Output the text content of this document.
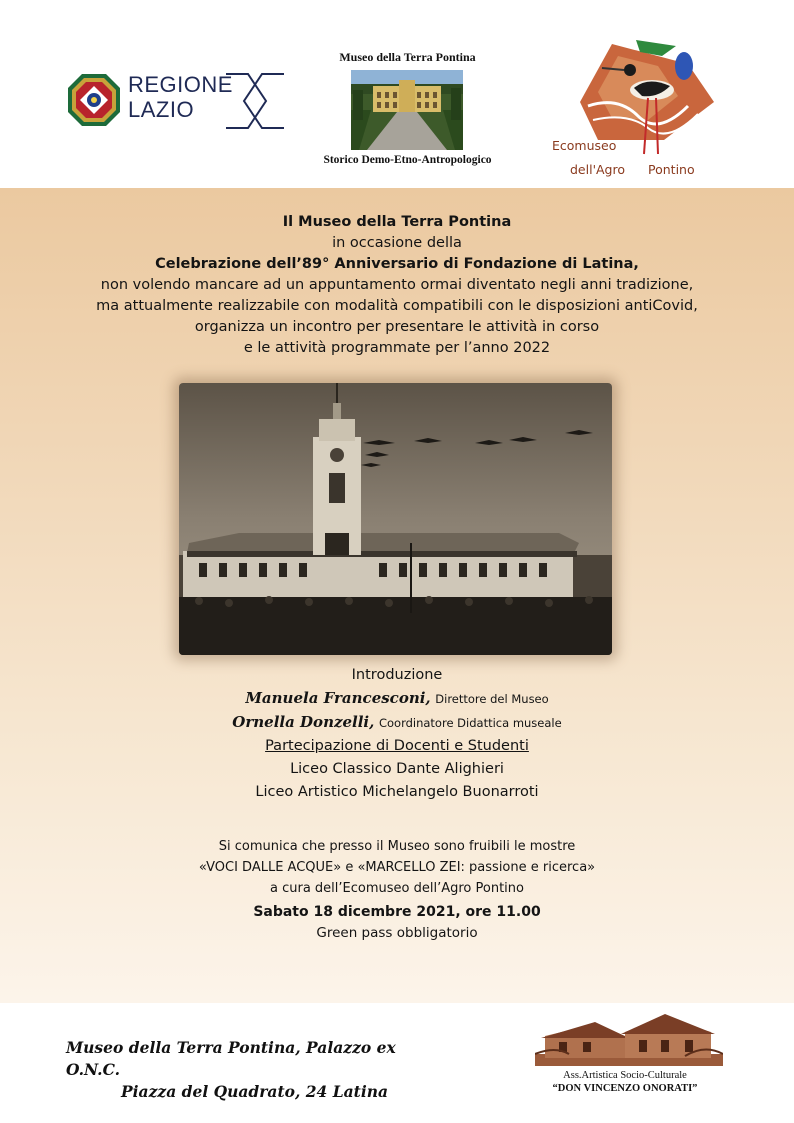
REGIONE
LAZIO
Museo della Terra Pontina
Storico Demo-Etno-Antropologico
Ecomuseo
dell'Agro Pontino
Il Museo della Terra Pontina
in occasione della
Celebrazione dell’89° Anniversario di Fondazione di Latina,
non volendo mancare ad un appuntamento ormai diventato negli anni tradizione,
ma attualmente realizzabile con modalità compatibili con le disposizioni antiCovid,
organizza un incontro per presentare le attività in corso
e le attività programmate per l’anno 2022
Introduzione
Manuela Francesconi, Direttore del Museo
Ornella Donzelli, Coordinatore Didattica museale
Partecipazione di Docenti e Studenti
Liceo Classico Dante Alighieri
Liceo Artistico Michelangelo Buonarroti
Si comunica che presso il Museo sono fruibili le mostre
«VOCI DALLE ACQUE» e «MARCELLO ZEI: passione e ricerca»
a cura dell’Ecomuseo dell’Agro Pontino
Sabato 18 dicembre 2021, ore 11.00
Green pass obbligatorio
Museo della Terra Pontina, Palazzo ex O.N.C.
Piazza del Quadrato, 24 Latina
Ass.Artistica Socio-Culturale
“DON VINCENZO ONORATI”
